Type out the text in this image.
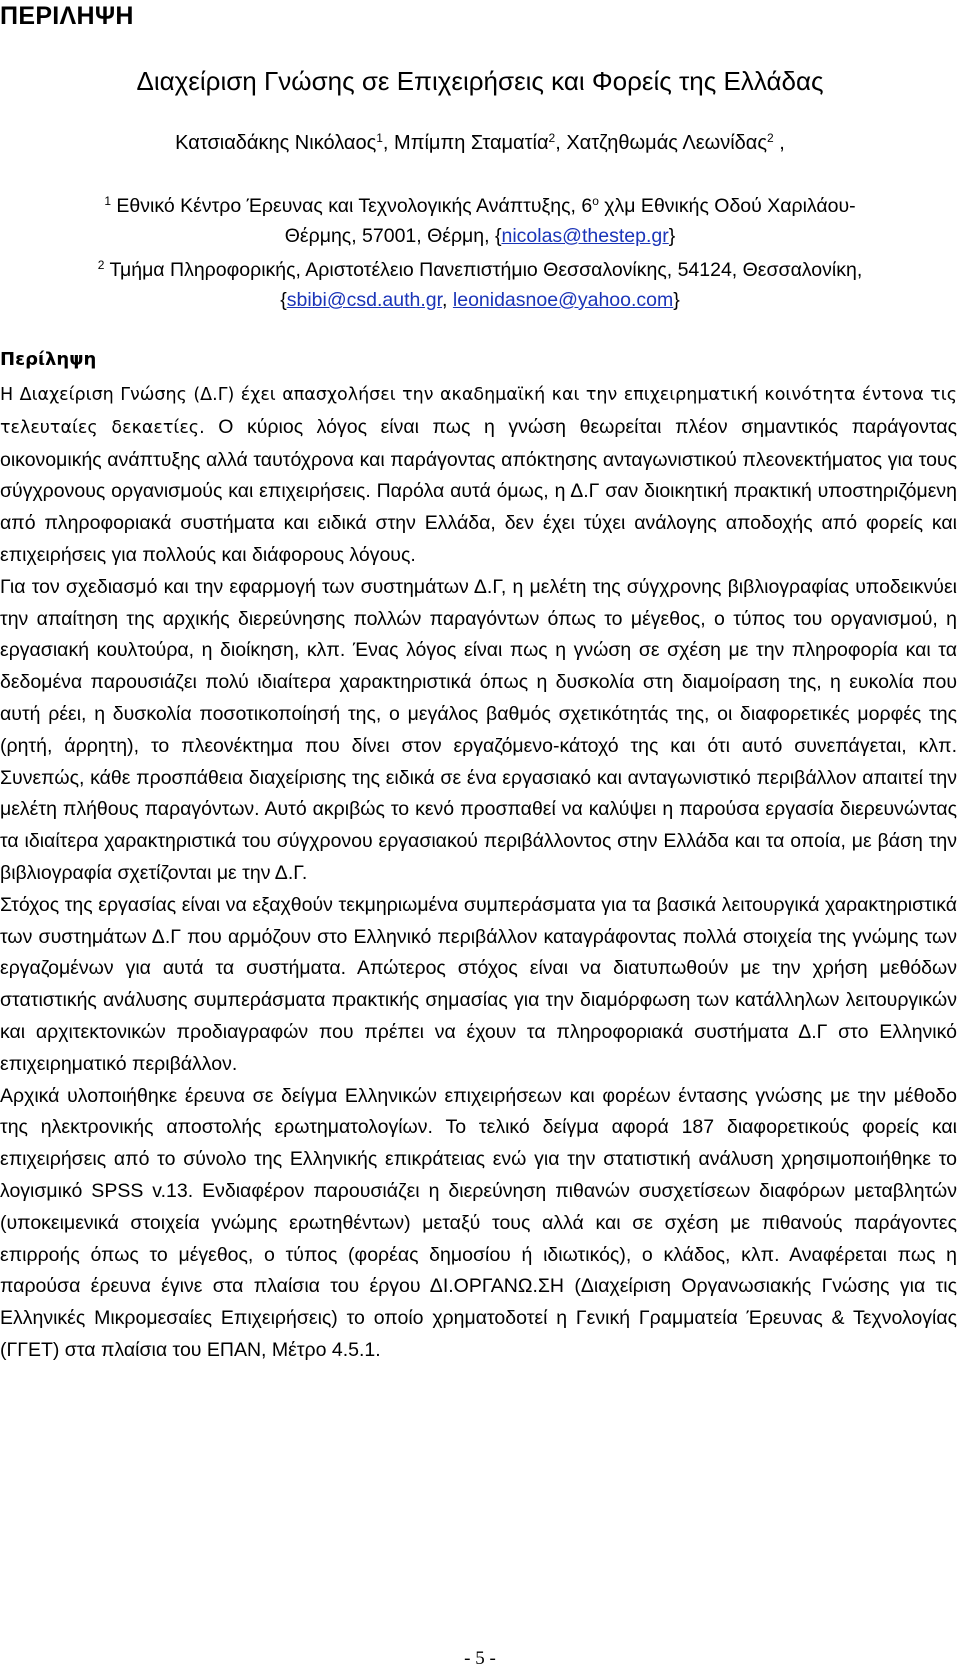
ΠΕΡΙΛΗΨΗ
Διαχείριση Γνώσης σε Επιχειρήσεις και Φορείς της Ελλάδας
Κατσιαδάκης Νικόλαος$^1$, Μπίμπη Σταματία$^2$, Χατζηθωμάς Λεωνίδας$^2$ ,
$^1$ Εθνικό Κέντρο Έρευνας και Τεχνολογικής Ανάπτυξης, $6^o$ χλμ Εθνικής Οδού Χαριλάου-
Θέρμης, 57001, Θέρμη, {nicolas@thestep.gr}
$^2$ Τμήμα Πληροφορικής, Αριστοτέλειο Πανεπιστήμιο Θεσσαλονίκης, 54124, Θεσσαλονίκη,
{sbibi@csd.auth.gr, leonidasnoe@yahoo.com}
Περίληψη

Η Διαχείριση Γνώσης (Δ.Γ) έχει απασχολήσει την ακαδημαϊκή και την επιχειρηματική κοινότητα έντονα τις τελευταίες δεκαετίες. Ο κύριος λόγος είναι πως η γνώση θεωρείται πλέον σημαντικός παράγοντας οικονομικής ανάπτυξης αλλά ταυτόχρονα και παράγοντας απόκτησης ανταγωνιστικού πλεονεκτήματος για τους σύγχρονους οργανισμούς και επιχειρήσεις. Παρόλα αυτά όμως, η Δ.Γ σαν διοικητική πρακτική υποστηριζόμενη από πληροφοριακά συστήματα και ειδικά στην Ελλάδα, δεν έχει τύχει ανάλογης αποδοχής από φορείς και επιχειρήσεις για πολλούς και διάφορους λόγους.

Για τον σχεδιασμό και την εφαρμογή των συστημάτων Δ.Γ, η μελέτη της σύγχρονης βιβλιογραφίας υποδεικνύει την απαίτηση της αρχικής διερεύνησης πολλών παραγόντων όπως το μέγεθος, ο τύπος του οργανισμού, η εργασιακή κουλτούρα, η διοίκηση, κλπ. Ένας λόγος είναι πως η γνώση σε σχέση με την πληροφορία και τα δεδομένα παρουσιάζει πολύ ιδιαίτερα χαρακτηριστικά όπως η δυσκολία στη διαμοίραση της, η ευκολία που αυτή ρέει, η δυσκολία ποσοτικοποίησή της, ο μεγάλος βαθμός σχετικότητάς της, οι διαφορετικές μορφές της (ρητή, άρρητη), το πλεονέκτημα που δίνει στον εργαζόμενο-κάτοχό της και ότι αυτό συνεπάγεται, κλπ. Συνεπώς, κάθε προσπάθεια διαχείρισης της ειδικά σε ένα εργασιακό και ανταγωνιστικό περιβάλλον απαιτεί την μελέτη πλήθους παραγόντων. Αυτό ακριβώς το κενό προσπαθεί να καλύψει η παρούσα εργασία διερευνώντας τα ιδιαίτερα χαρακτηριστικά του σύγχρονου εργασιακού περιβάλλοντος στην Ελλάδα και τα οποία, με βάση την βιβλιογραφία σχετίζονται με την Δ.Γ.

Στόχος της εργασίας είναι να εξαχθούν τεκμηριωμένα συμπεράσματα για τα βασικά λειτουργικά χαρακτηριστικά των συστημάτων Δ.Γ που αρμόζουν στο Ελληνικό περιβάλλον καταγράφοντας πολλά στοιχεία της γνώμης των εργαζομένων για αυτά τα συστήματα. Απώτερος στόχος είναι να διατυπωθούν με την χρήση μεθόδων στατιστικής ανάλυσης συμπεράσματα πρακτικής σημασίας για την διαμόρφωση των κατάλληλων λειτουργικών και αρχιτεκτονικών προδιαγραφών που πρέπει να έχουν τα πληροφοριακά συστήματα Δ.Γ στο Ελληνικό επιχειρηματικό περιβάλλον.

Αρχικά υλοποιήθηκε έρευνα σε δείγμα Ελληνικών επιχειρήσεων και φορέων έντασης γνώσης με την μέθοδο της ηλεκτρονικής αποστολής ερωτηματολογίων. Το τελικό δείγμα αφορά 187 διαφορετικούς φορείς και επιχειρήσεις από το σύνολο της Ελληνικής επικράτειας ενώ για την στατιστική ανάλυση χρησιμοποιήθηκε το λογισμικό SPSS v.13. Ενδιαφέρον παρουσιάζει η διερεύνηση πιθανών συσχετίσεων διαφόρων μεταβλητών (υποκειμενικά στοιχεία γνώμης ερωτηθέντων) μεταξύ τους αλλά και σε σχέση με πιθανούς παράγοντες επιρροής όπως το μέγεθος, ο τύπος (φορέας δημοσίου ή ιδιωτικός), ο κλάδος, κλπ. Αναφέρεται πως η παρούσα έρευνα έγινε στα πλαίσια του έργου ΔΙ.ΟΡΓΑΝΩ.ΣΗ (Διαχείριση Οργανωσιακής Γνώσης για τις Ελληνικές Μικρομεσαίες Επιχειρήσεις) το οποίο χρηματοδοτεί η Γενική Γραμματεία Έρευνας & Τεχνολογίας (ΓΓΕΤ) στα πλαίσια του ΕΠΑΝ, Μέτρο 4.5.1.

- 5 -
